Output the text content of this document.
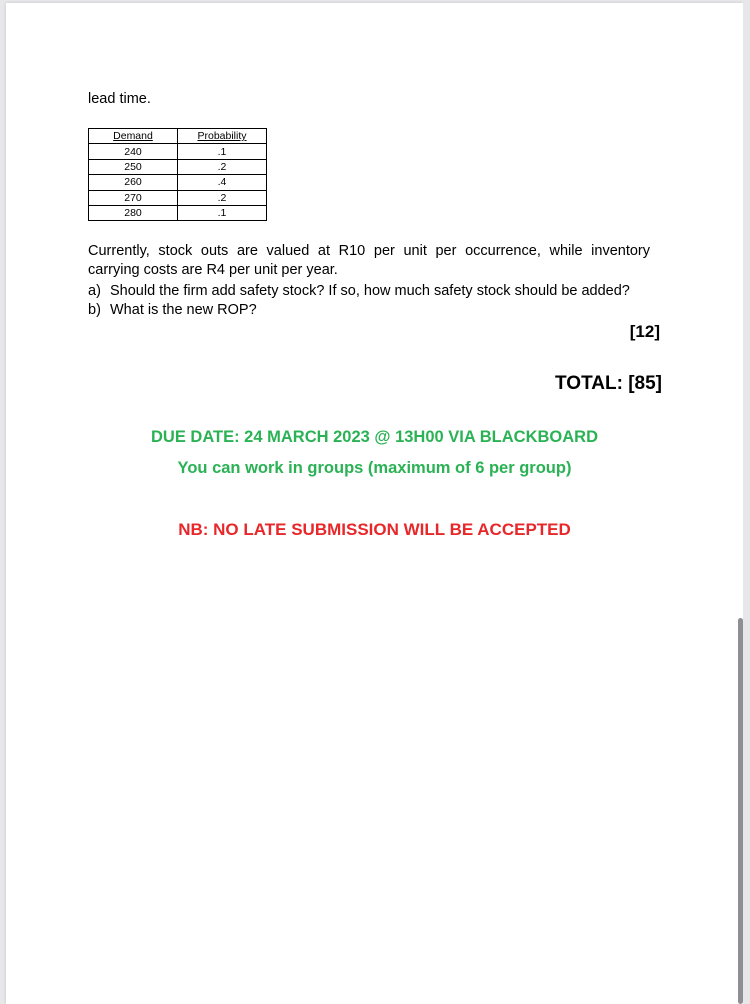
lead time.
Demand	Probability
240	.1
250	.2
260	.4
270	.2
280	.1
Currently, stock outs are valued at R10 per unit per occurrence, while inventory carrying costs are R4 per unit per year.
a) Should the firm add safety stock? If so, how much safety stock should be added?
b) What is the new ROP?
[12]
TOTAL: [85]
DUE DATE: 24 MARCH 2023 @ 13H00 VIA BLACKBOARD
You can work in groups (maximum of 6 per group)
NB: NO LATE SUBMISSION WILL BE ACCEPTED
